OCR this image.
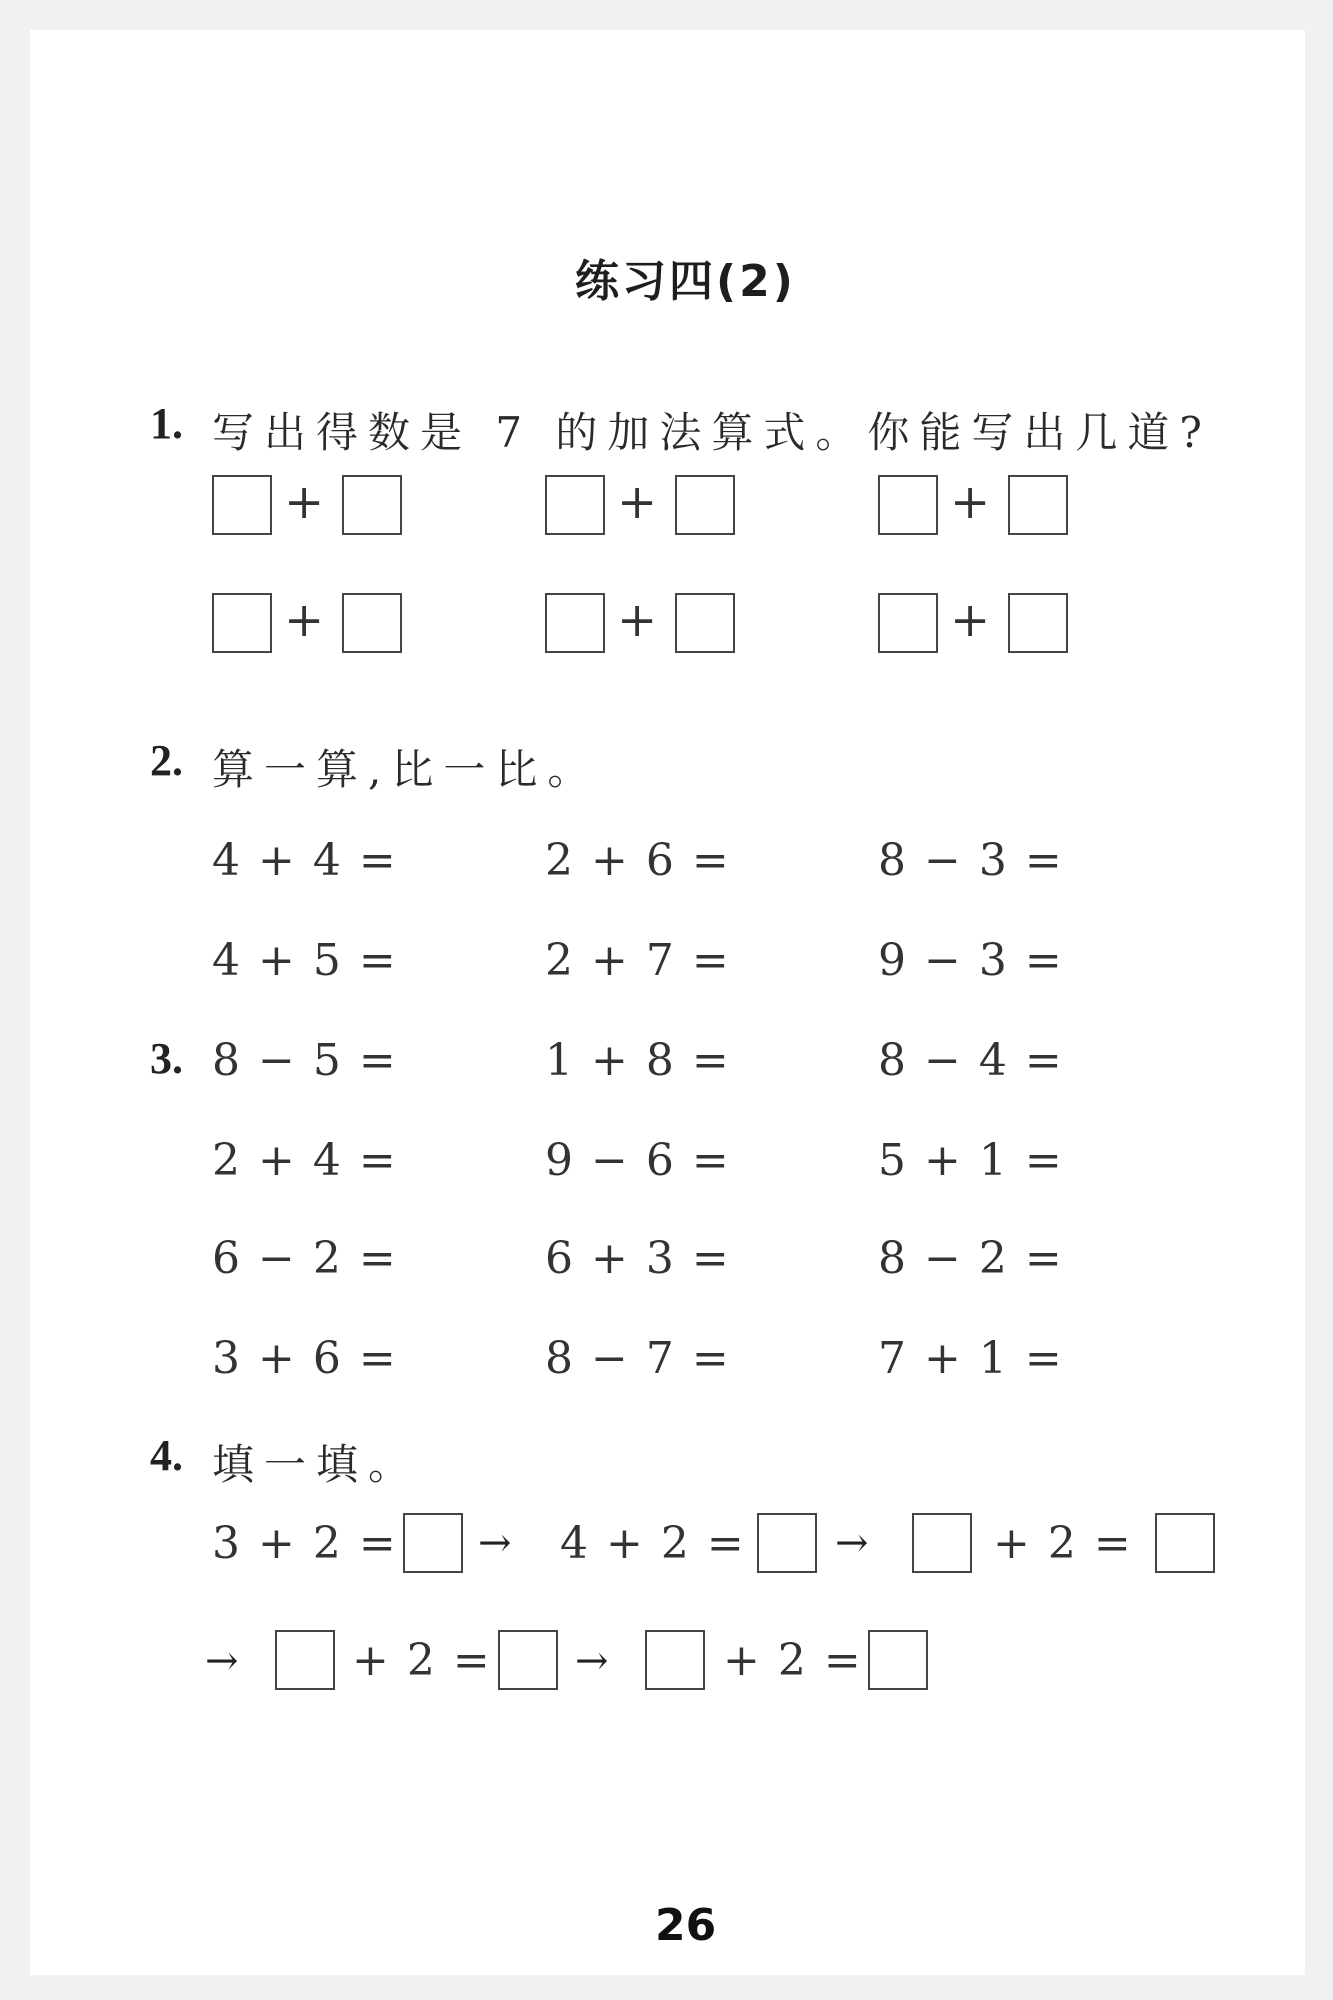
练习四(2)
1. 写出得数是 7 的加法算式。你能写出几道?
+	+	+
+	+	+
2. 算一算,比一比。
4 + 4 =	2 + 6 =	8 − 3 =
4 + 5 =	2 + 7 =	9 − 3 =
3. 8 − 5 =	1 + 8 =	8 − 4 =
2 + 4 =	9 − 6 =	5 + 1 =
6 − 2 =	6 + 3 =	8 − 2 =
3 + 6 =	8 − 7 =	7 + 1 =
4. 填一填。
3 + 2 = → 4 + 2 = →	+ 2 =
→	+ 2 = →	+ 2 =
26
